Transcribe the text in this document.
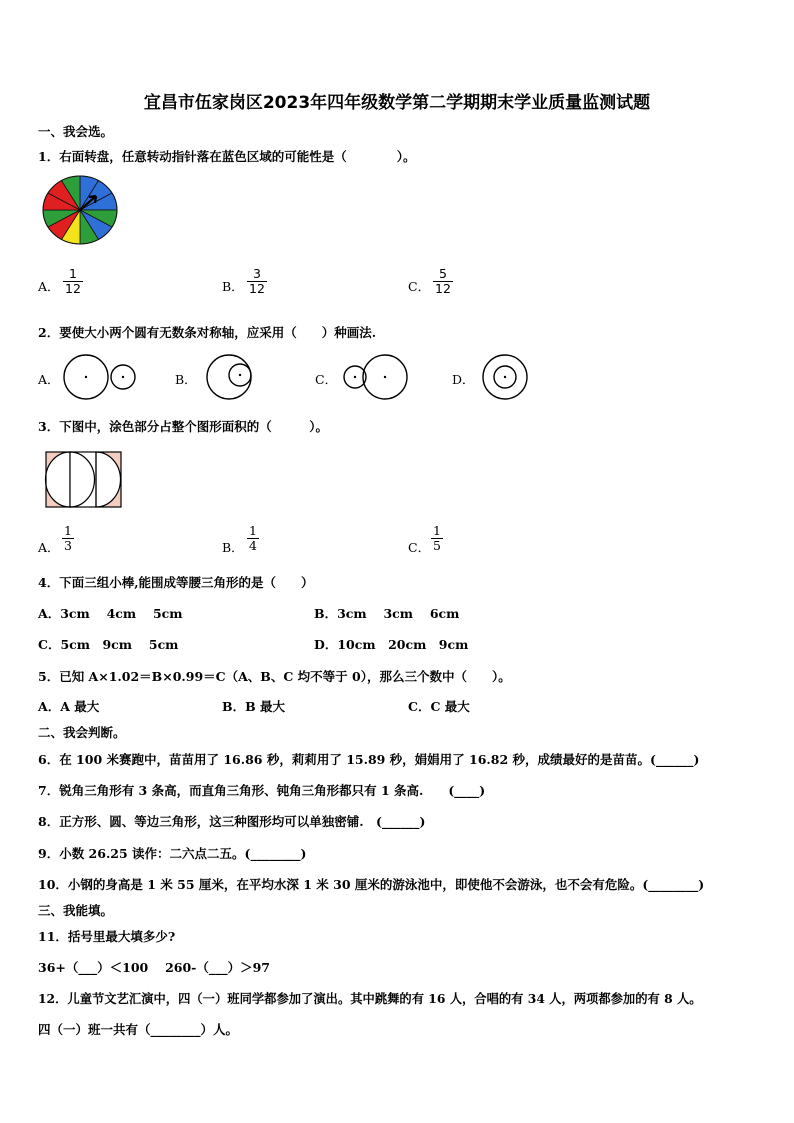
宜昌市伍家岗区2023年四年级数学第二学期期末学业质量监测试题
一、我会选。
1．右面转盘，任意转动指针落在蓝色区域的可能性是（　　　　）。
A． $\frac{1}{12}$	B． $\frac{3}{12}$	C． $\frac{5}{12}$
2．要使大小两个圆有无数条对称轴，应采用（　　）种画法.
A．	B．	C．	D．
3．下图中，涂色部分占整个图形面积的（　　　）。
A． $\frac{1}{3}$	B． $\frac{1}{4}$	C． $\frac{1}{5}$
4．下面三组小棒,能围成等腰三角形的是（　　）
A．3cm　 4cm　 5cm	B．3cm　 3cm　 6cm
C．5cm　9cm　 5cm	D．10cm　20cm　9cm
5．已知 A×1.02＝B×0.99＝C（A、B、C 均不等于 0），那么三个数中（　　）。
A．A 最大	B．B 最大	C．C 最大
二、我会判断。
6．在 100 米赛跑中，苗苗用了 16.86 秒，莉莉用了 15.89 秒，娟娟用了 16.82 秒，成绩最好的是苗苗。(______)
7．锐角三角形有 3 条高，而直角三角形、钝角三角形都只有 1 条高.　　(____)
8．正方形、圆、等边三角形，这三种图形均可以单独密铺.　(______)
9．小数 26.25 读作：二六点二五。(________)
10．小钢的身高是 1 米 55 厘米，在平均水深 1 米 30 厘米的游泳池中，即使他不会游泳，也不会有危险。(________)
三、我能填。
11．括号里最大填多少?
36+（___）＜100　 260-（___）＞97
12．儿童节文艺汇演中，四（一）班同学都参加了演出。其中跳舞的有 16 人，合唱的有 34 人，两项都参加的有 8 人。
四（一）班一共有（________）人。
